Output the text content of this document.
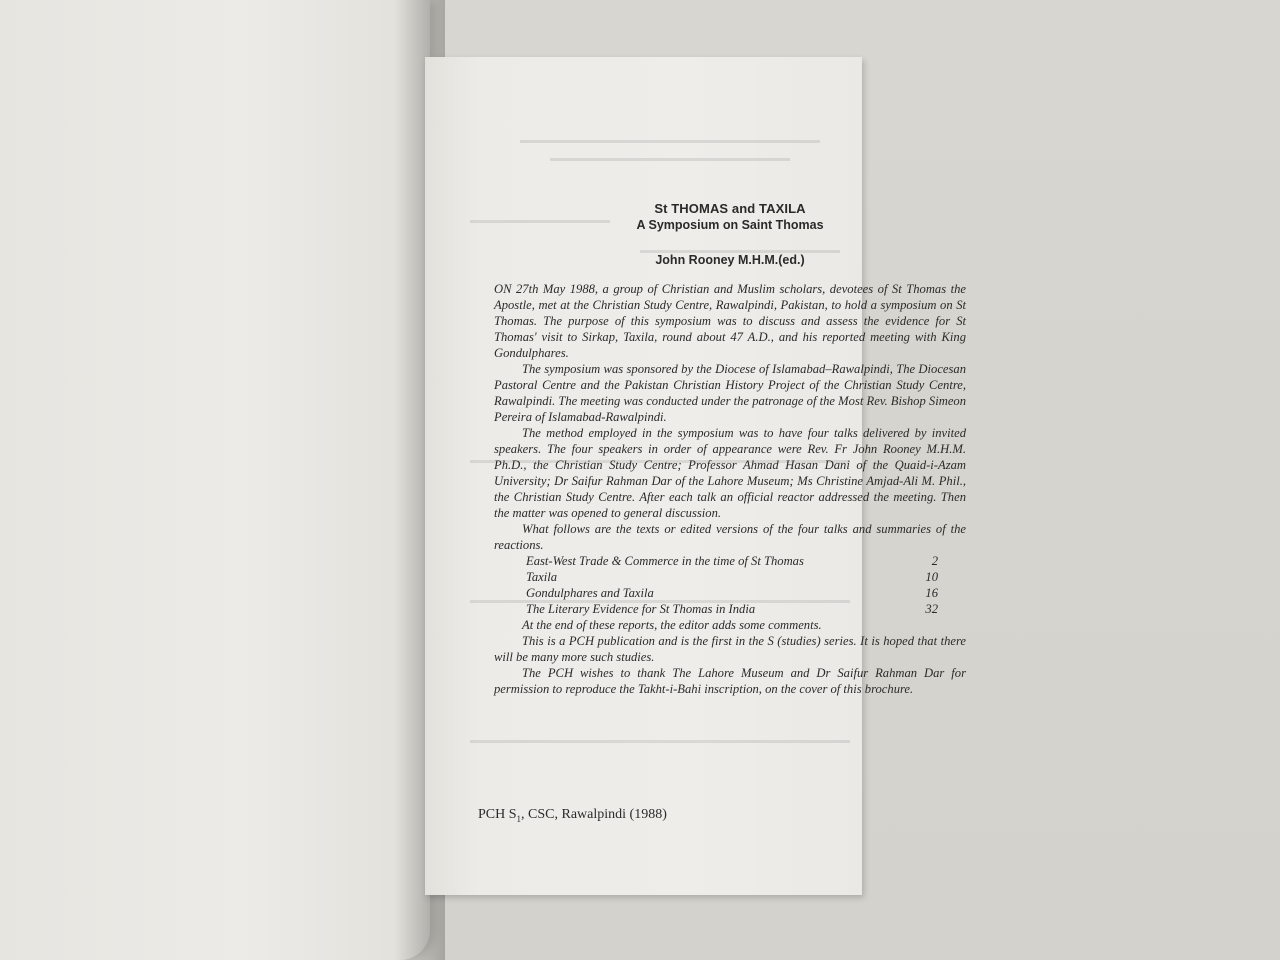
St THOMAS and TAXILA

A Symposium on Saint Thomas

John Rooney M.H.M.(ed.)

ON 27th May 1988, a group of Christian and Muslim scholars, devotees of St Thomas the Apostle, met at the Christian Study Centre, Rawalpindi, Pakistan, to hold a symposium on St Thomas. The purpose of this symposium was to discuss and assess the evidence for St Thomas' visit to Sirkap, Taxila, round about 47 A.D., and his reported meeting with King Gondulphares.

The symposium was sponsored by the Diocese of Islamabad–Rawalpindi, The Diocesan Pastoral Centre and the Pakistan Christian History Project of the Christian Study Centre, Rawalpindi. The meeting was conducted under the patronage of the Most Rev. Bishop Simeon Pereira of Islamabad-Rawalpindi.

The method employed in the symposium was to have four talks delivered by invited speakers. The four speakers in order of appearance were Rev. Fr John Rooney M.H.M. Ph.D., the Christian Study Centre; Professor Ahmad Hasan Dani of the Quaid-i-Azam University; Dr Saifur Rahman Dar of the Lahore Museum; Ms Christine Amjad-Ali M. Phil., the Christian Study Centre. After each talk an official reactor addressed the meeting. Then the matter was opened to general discussion.

What follows are the texts or edited versions of the four talks and summaries of the reactions.

East-West Trade & Commerce in the time of St Thomas	2
Taxila	10
Gondulphares and Taxila	16
The Literary Evidence for St Thomas in India	32

At the end of these reports, the editor adds some comments.

This is a PCH publication and is the first in the S (studies) series. It is hoped that there will be many more such studies.

The PCH wishes to thank The Lahore Museum and Dr Saifur Rahman Dar for permission to reproduce the Takht-i-Bahi inscription, on the cover of this brochure.

PCH $S_1$, CSC, Rawalpindi (1988)
